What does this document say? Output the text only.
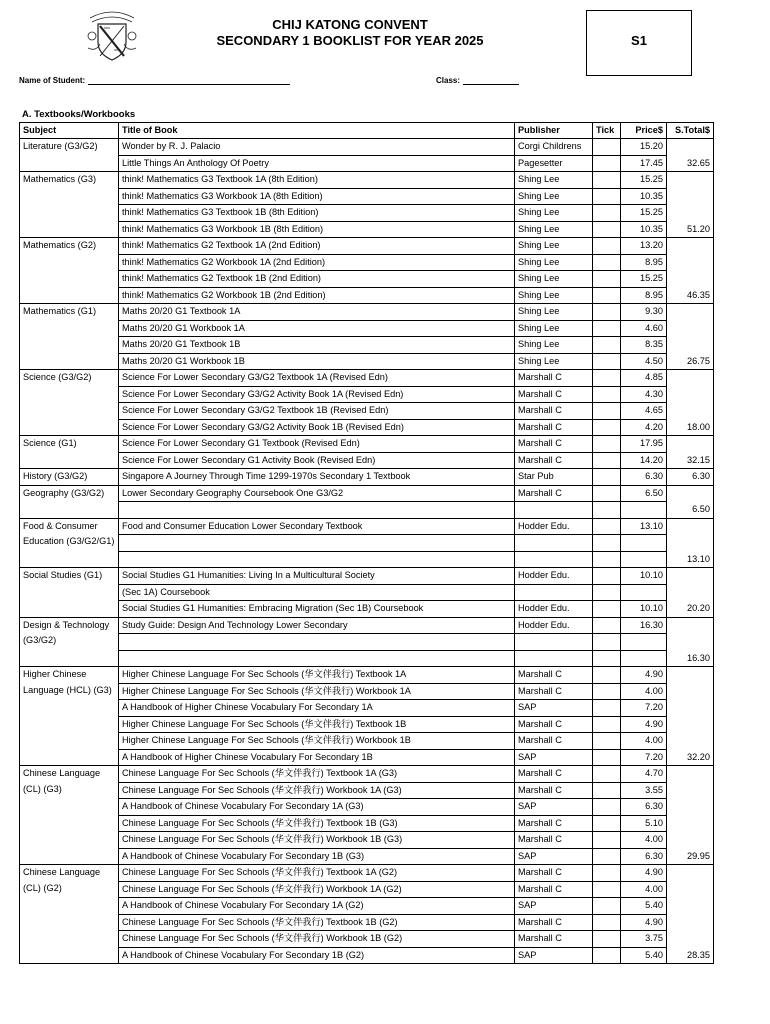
CHIJ KATONG CONVENT
SECONDARY 1 BOOKLIST FOR YEAR 2025	S1
Name of Student:	Class:
A. Textbooks/Workbooks
Subject	Title of Book	Publisher	Tick	Price$	S.Total$
Literature (G3/G2)	Wonder by R. J. Palacio	Corgi Childrens		15.20	32.65
	Little Things An Anthology Of Poetry	Pagesetter		17.45	
Mathematics (G3)	think! Mathematics G3 Textbook 1A (8th Edition)	Shing Lee		15.25	51.20
	think! Mathematics G3 Workbook 1A (8th Edition)	Shing Lee		10.35	
	think! Mathematics G3 Textbook 1B (8th Edition)	Shing Lee		15.25	
	think! Mathematics G3 Workbook 1B (8th Edition)	Shing Lee		10.35	
Mathematics (G2)	think! Mathematics G2 Textbook 1A (2nd Edition)	Shing Lee		13.20	46.35
	think! Mathematics G2 Workbook 1A (2nd Edition)	Shing Lee		8.95	
	think! Mathematics G2 Textbook 1B (2nd Edition)	Shing Lee		15.25	
	think! Mathematics G2 Workbook 1B (2nd Edition)	Shing Lee		8.95	
Mathematics (G1)	Maths 20/20 G1 Textbook 1A	Shing Lee		9.30	26.75
	Maths 20/20 G1 Workbook 1A	Shing Lee		4.60	
	Maths 20/20 G1 Textbook 1B	Shing Lee		8.35	
	Maths 20/20 G1 Workbook 1B	Shing Lee		4.50	
Science (G3/G2)	Science For Lower Secondary G3/G2 Textbook 1A (Revised Edn)	Marshall C		4.85	18.00
	Science For Lower Secondary G3/G2 Activity Book 1A (Revised Edn)	Marshall C		4.30	
	Science For Lower Secondary G3/G2 Textbook 1B (Revised Edn)	Marshall C		4.65	
	Science For Lower Secondary G3/G2 Activity Book 1B (Revised Edn)	Marshall C		4.20	
Science (G1)	Science For Lower Secondary G1 Textbook (Revised Edn)	Marshall C		17.95	32.15
	Science For Lower Secondary G1 Activity Book (Revised Edn)	Marshall C		14.20	
History (G3/G2)	Singapore A Journey Through Time 1299-1970s Secondary 1 Textbook	Star Pub		6.30	6.30
Geography (G3/G2)	Lower Secondary Geography Coursebook One G3/G2	Marshall C		6.50	6.50

Food & Consumer Education (G3/G2/G1)	Food and Consumer Education Lower Secondary Textbook	Hodder Edu.		13.10	13.10

Social Studies (G1)	Social Studies G1 Humanities: Living In a Multicultural Society	Hodder Edu.		10.10	20.20
	(Sec 1A) Coursebook				
	Social Studies G1 Humanities: Embracing Migration (Sec 1B) Coursebook	Hodder Edu.		10.10	
Design & Technology (G3/G2)	Study Guide: Design And Technology Lower Secondary	Hodder Edu.		16.30	16.30

Higher Chinese Language (HCL) (G3)	Higher Chinese Language For Sec Schools (华文伴我行) Textbook 1A	Marshall C		4.90	32.20
	Higher Chinese Language For Sec Schools (华文伴我行) Workbook 1A	Marshall C		4.00	
	A Handbook of Higher Chinese Vocabulary For Secondary 1A	SAP		7.20	
	Higher Chinese Language For Sec Schools (华文伴我行) Textbook 1B	Marshall C		4.90	
	Higher Chinese Language For Sec Schools (华文伴我行) Workbook 1B	Marshall C		4.00	
	A Handbook of Higher Chinese Vocabulary For Secondary 1B	SAP		7.20	
Chinese Language (CL) (G3)	Chinese Language For Sec Schools (华文伴我行) Textbook 1A (G3)	Marshall C		4.70	29.95
	Chinese Language For Sec Schools (华文伴我行) Workbook 1A (G3)	Marshall C		3.55	
	A Handbook of Chinese Vocabulary For Secondary 1A (G3)	SAP		6.30	
	Chinese Language For Sec Schools (华文伴我行) Textbook 1B (G3)	Marshall C		5.10	
	Chinese Language For Sec Schools (华文伴我行) Workbook 1B (G3)	Marshall C		4.00	
	A Handbook of Chinese Vocabulary For Secondary 1B (G3)	SAP		6.30	
Chinese Language (CL) (G2)	Chinese Language For Sec Schools (华文伴我行) Textbook 1A (G2)	Marshall C		4.90	28.35
	Chinese Language For Sec Schools (华文伴我行) Workbook 1A (G2)	Marshall C		4.00	
	A Handbook of Chinese Vocabulary For Secondary 1A (G2)	SAP		5.40	
	Chinese Language For Sec Schools (华文伴我行) Textbook 1B (G2)	Marshall C		4.90	
	Chinese Language For Sec Schools (华文伴我行) Workbook 1B (G2)	Marshall C		3.75	
	A Handbook of Chinese Vocabulary For Secondary 1B (G2)	SAP		5.40	
